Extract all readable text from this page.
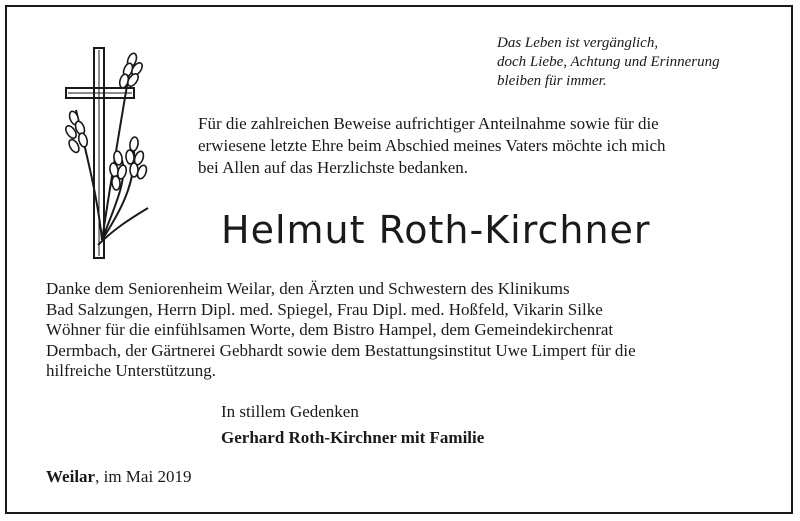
Das Leben ist vergänglich,
doch Liebe, Achtung und Erinnerung
bleiben für immer.
Für die zahlreichen Beweise aufrichtiger Anteilnahme sowie für die
erwiesene letzte Ehre beim Abschied meines Vaters möchte ich mich
bei Allen auf das Herzlichste bedanken.
Helmut Roth-Kirchner
Danke dem Seniorenheim Weilar, den Ärzten und Schwestern des Klinikums
Bad Salzungen, Herrn Dipl. med. Spiegel, Frau Dipl. med. Hoßfeld, Vikarin Silke
Wöhner für die einfühlsamen Worte, dem Bistro Hampel, dem Gemeindekirchenrat
Dermbach, der Gärtnerei Gebhardt sowie dem Bestattungsinstitut Uwe Limpert für die
hilfreiche Unterstützung.
In stillem Gedenken
Gerhard Roth-Kirchner mit Familie
Weilar, im Mai 2019
